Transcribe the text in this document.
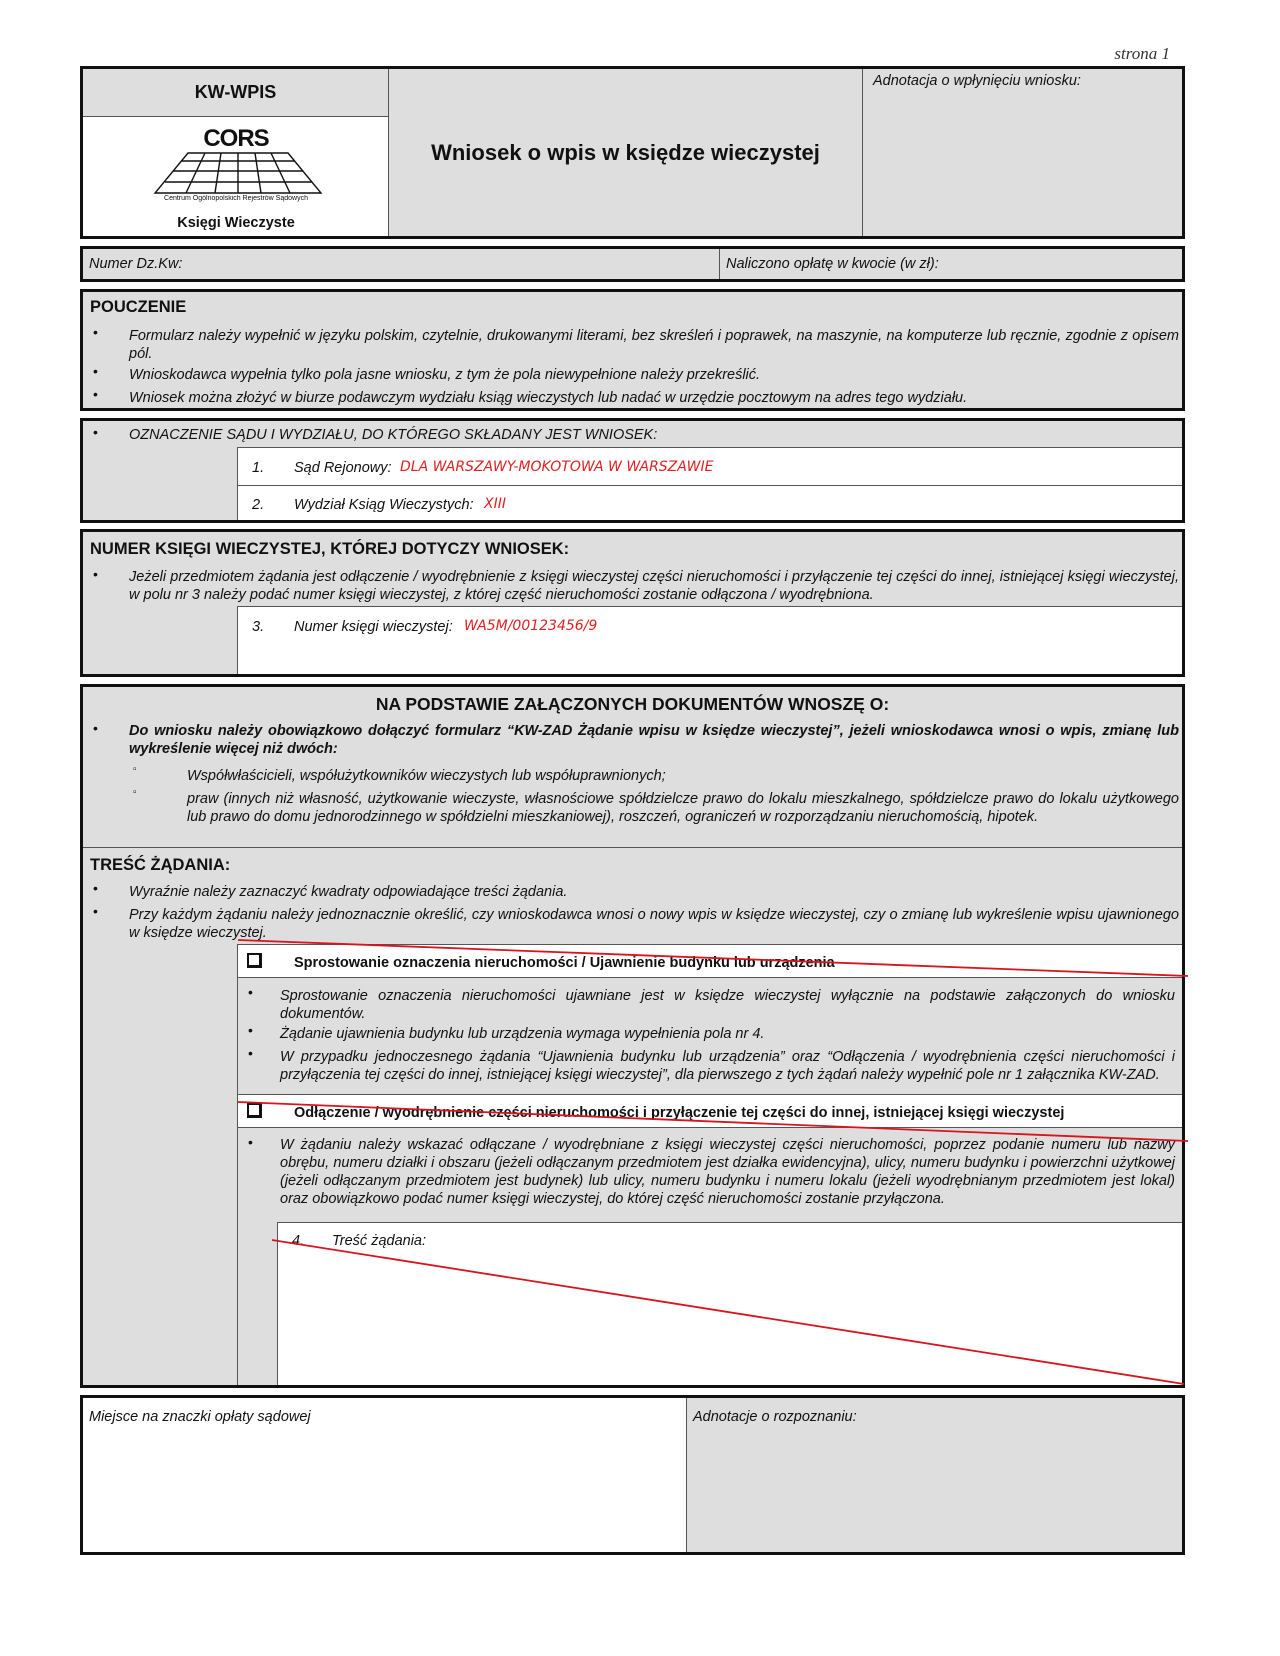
strona 1
KW-WPIS
CORS
Centrum Ogólnopolskich Rejestrów Sądowych
Księgi Wieczyste
Wniosek o wpis w księdze wieczystej
Adnotacja o wpłynięciu wniosku:
Numer Dz.Kw:	Naliczono opłatę w kwocie (w zł):
POUCZENIE
• Formularz należy wypełnić w języku polskim, czytelnie, drukowanymi literami, bez skreśleń i poprawek, na maszynie, na komputerze lub ręcznie, zgodnie z opisem pól.
• Wnioskodawca wypełnia tylko pola jasne wniosku, z tym że pola niewypełnione należy przekreślić.
• Wniosek można złożyć w biurze podawczym wydziału ksiąg wieczystych lub nadać w urzędzie pocztowym na adres tego wydziału.
• OZNACZENIE SĄDU I WYDZIAŁU, DO KTÓREGO SKŁADANY JEST WNIOSEK:
1. Sąd Rejonowy: DLA WARSZAWY-MOKOTOWA W WARSZAWIE
2. Wydział Ksiąg Wieczystych: XIII
NUMER KSIĘGI WIECZYSTEJ, KTÓREJ DOTYCZY WNIOSEK:
• Jeżeli przedmiotem żądania jest odłączenie / wyodrębnienie z księgi wieczystej części nieruchomości i przyłączenie tej części do innej, istniejącej księgi wieczystej, w polu nr 3 należy podać numer księgi wieczystej, z której część nieruchomości zostanie odłączona / wyodrębniona.
3. Numer księgi wieczystej: WA5M/00123456/9
NA PODSTAWIE ZAŁĄCZONYCH DOKUMENTÓW WNOSZĘ O:
• Do wniosku należy obowiązkowo dołączyć formularz “KW-ZAD Żądanie wpisu w księdze wieczystej”, jeżeli wnioskodawca wnosi o wpis, zmianę lub wykreślenie więcej niż dwóch:
▫	Współwłaścicieli, współużytkowników wieczystych lub współuprawnionych;
▫	praw (innych niż własność, użytkowanie wieczyste, własnościowe spółdzielcze prawo do lokalu mieszkalnego, spółdzielcze prawo do lokalu użytkowego lub prawo do domu jednorodzinnego w spółdzielni mieszkaniowej), roszczeń, ograniczeń w rozporządzaniu nieruchomością, hipotek.
TREŚĆ ŻĄDANIA:
• Wyraźnie należy zaznaczyć kwadraty odpowiadające treści żądania.
• Przy każdym żądaniu należy jednoznacznie określić, czy wnioskodawca wnosi o nowy wpis w księdze wieczystej, czy o zmianę lub wykreślenie wpisu ujawnionego w księdze wieczystej.
Sprostowanie oznaczenia nieruchomości / Ujawnienie budynku lub urządzenia
• Sprostowanie oznaczenia nieruchomości ujawniane jest w księdze wieczystej wyłącznie na podstawie załączonych do wniosku dokumentów.
• Żądanie ujawnienia budynku lub urządzenia wymaga wypełnienia pola nr 4.
• W przypadku jednoczesnego żądania “Ujawnienia budynku lub urządzenia” oraz “Odłączenia / wyodrębnienia części nieruchomości i przyłączenia tej części do innej, istniejącej księgi wieczystej”, dla pierwszego z tych żądań należy wypełnić pole nr 1 załącznika KW-ZAD.
Odłączenie / wyodrębnienie części nieruchomości i przyłączenie tej części do innej, istniejącej księgi wieczystej
• W żądaniu należy wskazać odłączane / wyodrębniane z księgi wieczystej części nieruchomości, poprzez podanie numeru lub nazwy obrębu, numeru działki i obszaru (jeżeli odłączanym przedmiotem jest działka ewidencyjna), ulicy, numeru budynku i powierzchni użytkowej (jeżeli odłączanym przedmiotem jest budynek) lub ulicy, numeru budynku i numeru lokalu (jeżeli wyodrębnianym przedmiotem jest lokal) oraz obowiązkowo podać numer księgi wieczystej, do której część nieruchomości zostanie przyłączona.
4. Treść żądania:
Miejsce na znaczki opłaty sądowej	Adnotacje o rozpoznaniu:
